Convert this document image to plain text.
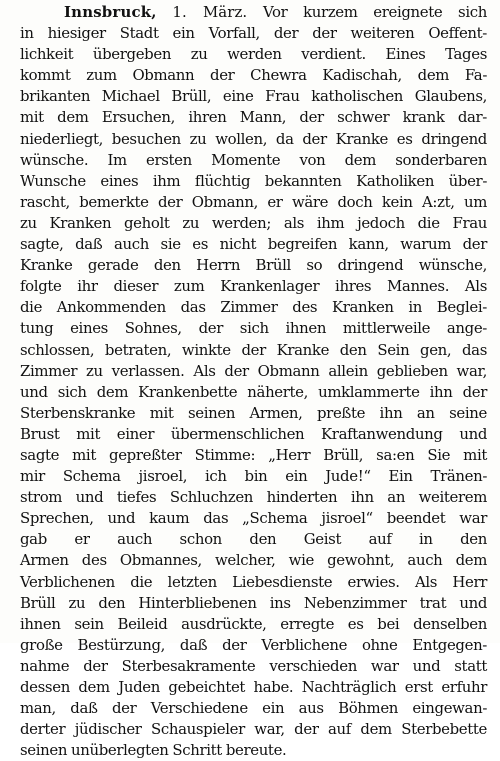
Innsbruck, 1. März. Vor kurzem ereignete sich
in hiesiger Stadt ein Vorfall, der der weiteren Oeffent-
lichkeit übergeben zu werden verdient. Eines Tages
kommt zum Obmann der Chewra Kadischah, dem Fa-
brikanten Michael Brüll, eine Frau katholischen Glaubens,
mit dem Ersuchen, ihren Mann, der schwer krank dar-
niederliegt, besuchen zu wollen, da der Kranke es dringend
wünsche. Im ersten Momente von dem sonderbaren
Wunsche eines ihm flüchtig bekannten Katholiken über-
rascht, bemerkte der Obmann, er wäre doch kein A:zt, um
zu Kranken geholt zu werden; als ihm jedoch die Frau
sagte, daß auch sie es nicht begreifen kann, warum der
Kranke gerade den Herrn Brüll so dringend wünsche,
folgte ihr dieser zum Krankenlager ihres Mannes. Als
die Ankommenden das Zimmer des Kranken in Beglei-
tung eines Sohnes, der sich ihnen mittlerweile ange-
schlossen, betraten, winkte der Kranke den Sein gen, das
Zimmer zu verlassen. Als der Obmann allein geblieben war,
und sich dem Krankenbette näherte, umklammerte ihn der
Sterbenskranke mit seinen Armen, preßte ihn an seine
Brust mit einer übermenschlichen Kraftanwendung und
sagte mit gepreßter Stimme: „Herr Brüll, sa:en Sie mit
mir Schema jisroel, ich bin ein Jude!“ Ein Tränen-
strom und tiefes Schluchzen hinderten ihn an weiterem
Sprechen, und kaum das „Schema jisroel“ beendet war
gab er auch schon den Geist auf in den
Armen des Obmannes, welcher, wie gewohnt, auch dem
Verblichenen die letzten Liebesdienste erwies. Als Herr
Brüll zu den Hinterbliebenen ins Nebenzimmer trat und
ihnen sein Beileid ausdrückte, erregte es bei denselben
große Bestürzung, daß der Verblichene ohne Entgegen-
nahme der Sterbesakramente verschieden war und statt
dessen dem Juden gebeichtet habe. Nachträglich erst erfuhr
man, daß der Verschiedene ein aus Böhmen eingewan-
derter jüdischer Schauspieler war, der auf dem Sterbebette
seinen unüberlegten Schritt bereute.
